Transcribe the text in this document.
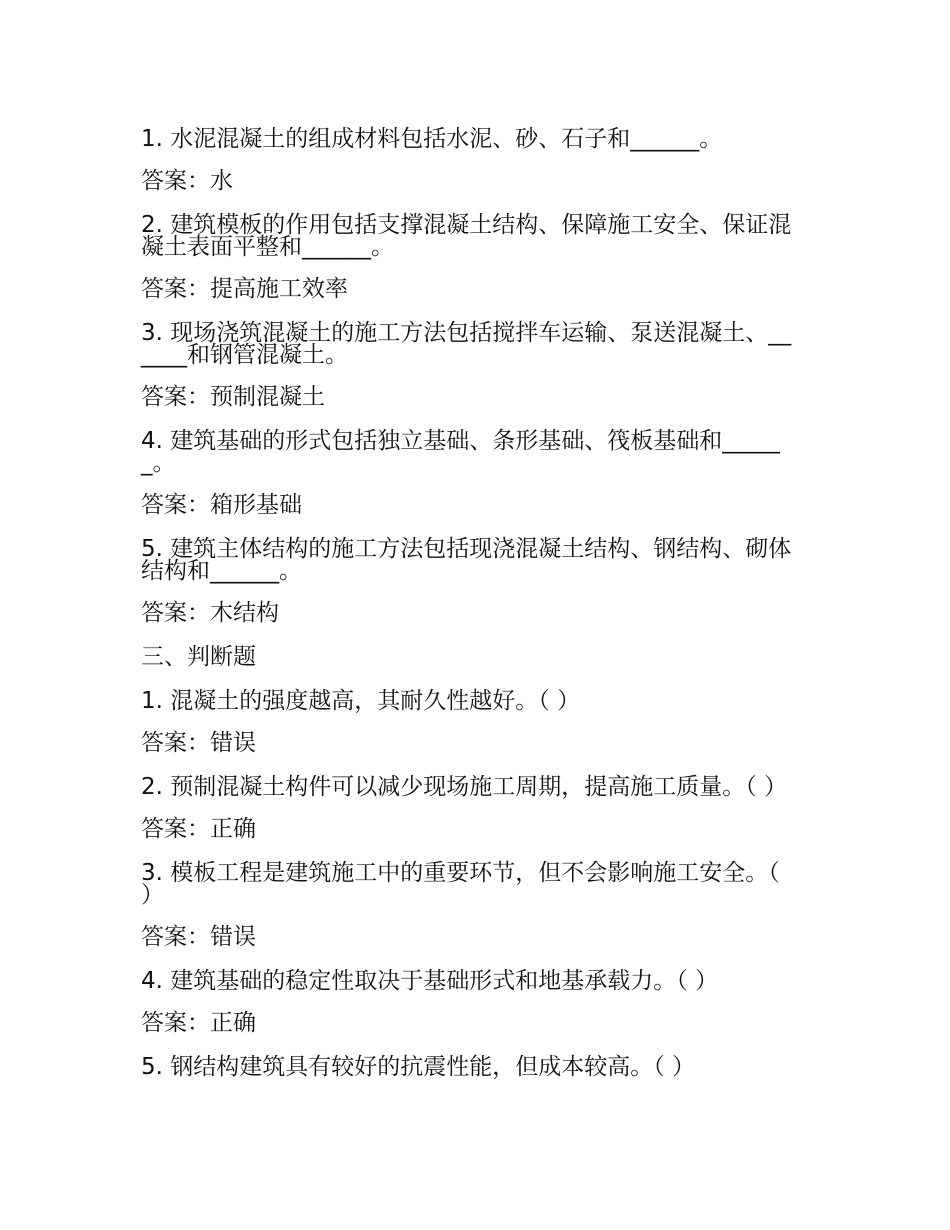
1. 水泥混凝土的组成材料包括水泥、砂、石子和______。

答案：水

2. 建筑模板的作用包括支撑混凝土结构、保障施工安全、保证混凝土表面平整和______。

答案：提高施工效率

3. 现场浇筑混凝土的施工方法包括搅拌车运输、泵送混凝土、______和钢管混凝土。

答案：预制混凝土

4. 建筑基础的形式包括独立基础、条形基础、筏板基础和______。

答案：箱形基础

5. 建筑主体结构的施工方法包括现浇混凝土结构、钢结构、砌体结构和______。

答案：木结构

三、判断题

1. 混凝土的强度越高，其耐久性越好。（ ）

答案：错误

2. 预制混凝土构件可以减少现场施工周期，提高施工质量。（ ）

答案：正确

3. 模板工程是建筑施工中的重要环节，但不会影响施工安全。（ ）

答案：错误

4. 建筑基础的稳定性取决于基础形式和地基承载力。（ ）

答案：正确

5. 钢结构建筑具有较好的抗震性能，但成本较高。（ ）
